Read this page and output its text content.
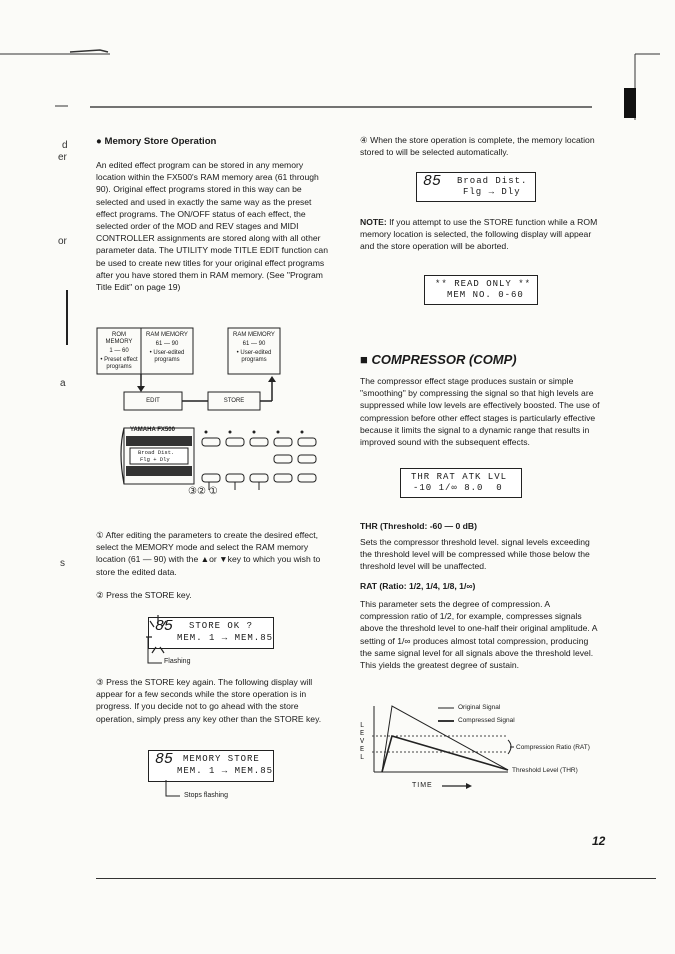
d
er
or
a
s
● Memory Store Operation
An edited effect program can be stored in any memory location within the FX500's RAM memory area (61 through 90). Original effect programs stored in this way can be selected and used in exactly the same way as the preset effect programs. The ON/OFF status of each effect, the selected order of the MOD and REV stages and MIDI CONTROLLER assignments are stored along with all other parameter data. The UTILITY mode TITLE EDIT function can be used to create new titles for your original effect programs after you have stored them in RAM memory. (See "Program Title Edit" on page 19)
ROM MEMORY
1 — 60
• Preset effect programs
RAM MEMORY
61 — 90
• User-edited programs
RAM MEMORY
61 — 90
• User-edited programs
EDIT	STORE
YAMAHA FX500
Broad Dist.
Flg + Dly
③② ①
① After editing the parameters to create the desired effect, select the MEMORY mode and select the RAM memory location (61 — 90) with the ▲or ▼key to which you wish to store the edited data.
② Press the STORE key.
85 STORE OK ?
MEM. 1 → MEM.85
Flashing
③ Press the STORE key again. The following display will appear for a few seconds while the store operation is in progress. If you decide not to go ahead with the store operation, simply press any key other than the STORE key.
85 MEMORY STORE
MEM. 1 → MEM.85
Stops flashing
④ When the store operation is complete, the memory location stored to will be selected automatically.
85 Broad Dist.
Flg → Dly
NOTE: If you attempt to use the STORE function while a ROM memory location is selected, the following display will appear and the store operation will be aborted.
** READ ONLY **
MEM NO. 0-60
■ COMPRESSOR (COMP)
The compressor effect stage produces sustain or simple "smoothing" by compressing the signal so that high levels are suppressed while low levels are effectively boosted. The use of compression before other effect stages is particularly effective because it limits the signal to a dynamic range that results in improved sound with the subsequent effects.
THR RAT ATK LVL
-10 1/∞ 8.0  0
THR (Threshold: -60 — 0 dB)
Sets the compressor threshold level. signal levels exceeding the threshold level will be compressed while those below the threshold level will be unaffected.
RAT (Ratio: 1/2, 1/4, 1/8, 1/∞)
This parameter sets the degree of compression. A compression ratio of 1/2, for example, compresses signals above the threshold level to one-half their original amplitude. A setting of 1/∞ produces almost total compression, producing the same signal level for all signals above the threshold level. This yields the greatest degree of sustain.
Original Signal
Compressed Signal
LEVEL
Compression Ratio (RAT)
Threshold Level (THR)
TIME
12
